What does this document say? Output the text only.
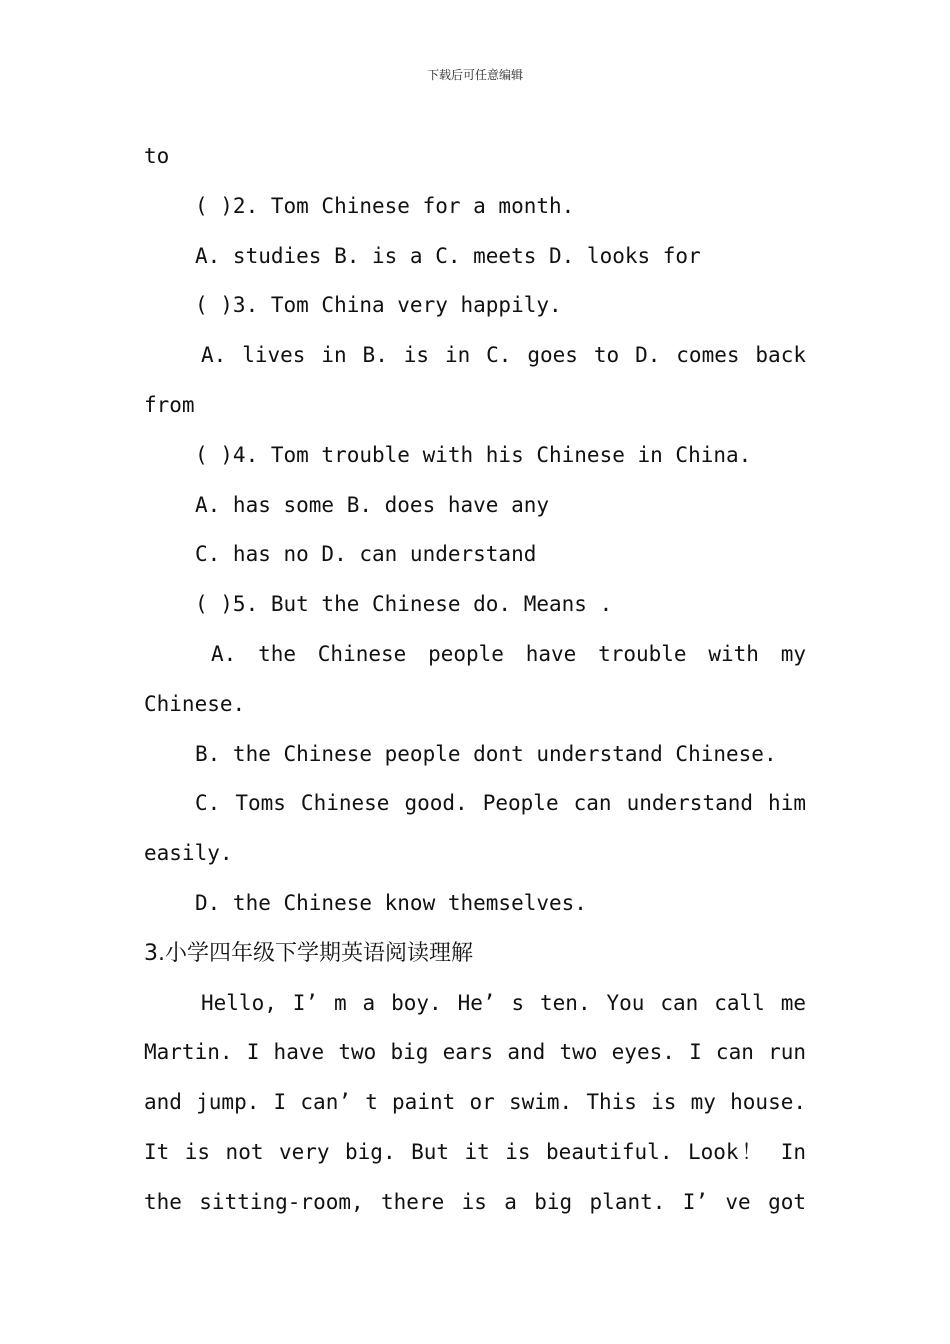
下载后可任意编辑
to
( )2. Tom Chinese for a month.
A. studies B. is a C. meets D. looks for
( )3. Tom China very happily.
A. lives in B. is in C. goes to D. comes back
from
( )4. Tom trouble with his Chinese in China.
A. has some B. does have any
C. has no D. can understand
( )5. But the Chinese do. Means .
A. the Chinese people have trouble with my
Chinese.
B. the Chinese people dont understand Chinese.
C. Toms Chinese good. People can understand him
easily.
D. the Chinese know themselves.
3.小学四年级下学期英语阅读理解
Hello, I’ m a boy. He’ s ten. You can call me
Martin. I have two big ears and two eyes. I can run
and jump. I can’ t paint or swim. This is my house.
It is not very big. But it is beautiful. Look！ In
the sitting-room, there is a big plant. I’ ve got
